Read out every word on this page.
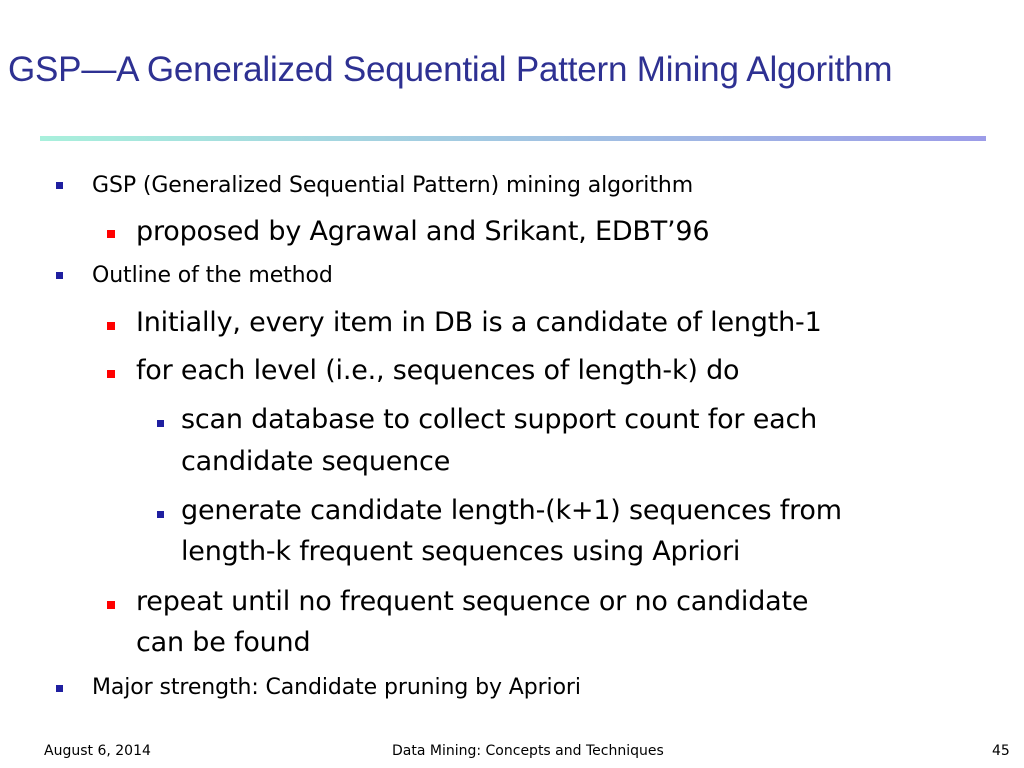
GSP—A Generalized Sequential Pattern Mining Algorithm
GSP (Generalized Sequential Pattern) mining algorithm
proposed by Agrawal and Srikant, EDBT’96
Outline of the method
Initially, every item in DB is a candidate of length-1
for each level (i.e., sequences of length-k) do
scan database to collect support count for each
candidate sequence
generate candidate length-(k+1) sequences from
length-k frequent sequences using Apriori
repeat until no frequent sequence or no candidate
can be found
Major strength: Candidate pruning by Apriori
August 6, 2014	Data Mining: Concepts and Techniques	45
